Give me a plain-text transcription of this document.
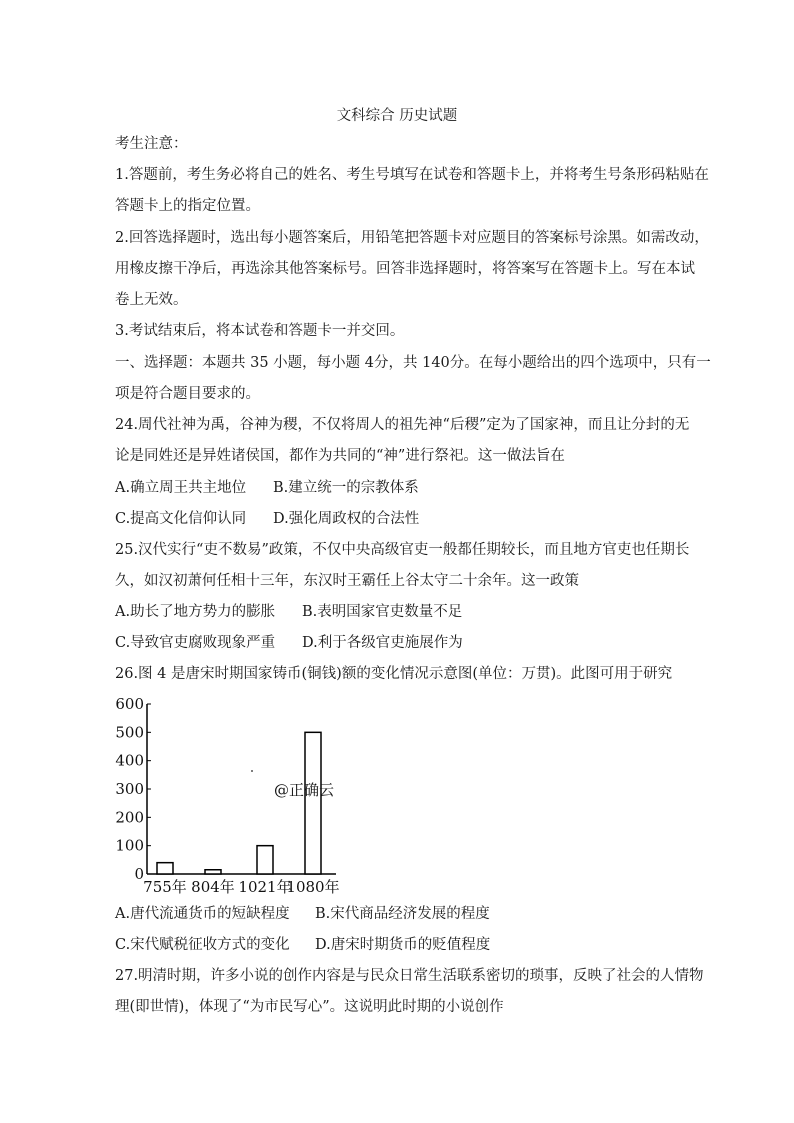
文科综合 历史试题
考生注意：
1.答题前，考生务必将自己的姓名、考生号填写在试卷和答题卡上，并将考生号条形码粘贴在
答题卡上的指定位置。
2.回答选择题时，选出每小题答案后，用铅笔把答题卡对应题目的答案标号涂黑。如需改动，
用橡皮擦干净后，再选涂其他答案标号。回答非选择题时，将答案写在答题卡上。写在本试
卷上无效。
3.考试结束后，将本试卷和答题卡一并交回。
一、选择题：本题共 35 小题，每小题 4分，共 140分。在每小题给出的四个选项中，只有一
项是符合题目要求的。
24.周代社神为禹，谷神为稷，不仅将周人的祖先神“后稷”定为了国家神，而且让分封的无
论是同姓还是异姓诸侯国，都作为共同的“神”进行祭祀。这一做法旨在
A.确立周王共主地位 B.建立统一的宗教体系
C.提高文化信仰认同 D.强化周政权的合法性
25.汉代实行“吏不数易”政策，不仅中央高级官吏一般都任期较长，而且地方官吏也任期长
久，如汉初萧何任相十三年，东汉时王霸任上谷太守二十余年。这一政策
A.助长了地方势力的膨胀 B.表明国家官吏数量不足
C.导致官吏腐败现象严重 D.利于各级官吏施展作为
26.图 4 是唐宋时期国家铸币(铜钱)额的变化情况示意图(单位：万贯)。此图可用于研究
0
100
200
300
400
500
600
755年 804年 1021年
1080年
@正确云
A.唐代流通货币的短缺程度 B.宋代商品经济发展的程度
C.宋代赋税征收方式的变化 D.唐宋时期货币的贬值程度
27.明清时期，许多小说的创作内容是与民众日常生活联系密切的琐事，反映了社会的人情物
理(即世情)，体现了“为市民写心”。这说明此时期的小说创作
